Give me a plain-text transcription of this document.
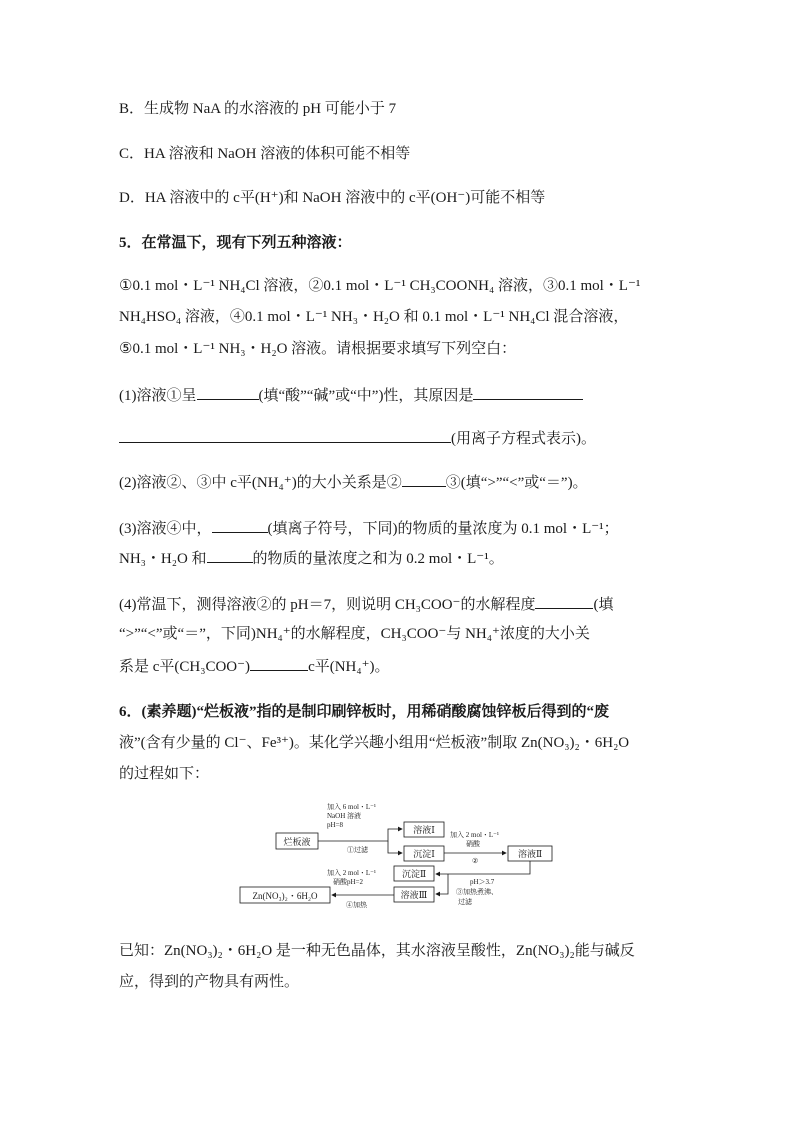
B．生成物 NaA 的水溶液的 pH 可能小于 7
C．HA 溶液和 NaOH 溶液的体积可能不相等
D．HA 溶液中的 c平(H⁺)和 NaOH 溶液中的 c平(OH⁻)可能不相等
5．在常温下，现有下列五种溶液：
①0.1 mol・L⁻¹ NH₄Cl 溶液，②0.1 mol・L⁻¹ CH₃COONH₄ 溶液，③0.1 mol・L⁻¹
NH₄HSO₄ 溶液，④0.1 mol・L⁻¹ NH₃・H₂O 和 0.1 mol・L⁻¹ NH₄Cl 混合溶液，
⑤0.1 mol・L⁻¹ NH₃・H₂O 溶液。请根据要求填写下列空白：
(1)溶液①呈	(填“酸”“碱”或“中”)性，其原因是
(用离子方程式表示)。
(2)溶液②、③中 c平(NH₄⁺)的大小关系是②	③(填“>”“<”或“＝”)。
(3)溶液④中，	(填离子符号，下同)的物质的量浓度为 0.1 mol・L⁻¹；
NH₃・H₂O 和	的物质的量浓度之和为 0.2 mol・L⁻¹。
(4)常温下，测得溶液②的 pH＝7，则说明 CH₃COO⁻的水解程度	(填
“>”“<”或“＝”，下同)NH₄⁺的水解程度，CH₃COO⁻与 NH₄⁺浓度的大小关
系是 c平(CH₃COO⁻)	c平(NH₄⁺)。
6．(素养题)“烂板液”指的是制印刷锌板时，用稀硝酸腐蚀锌板后得到的“废
液”(含有少量的 Cl⁻、Fe³⁺)。某化学兴趣小组用“烂板液”制取 Zn(NO₃)₂・6H₂O
的过程如下：
烂板液
溶液Ⅰ
沉淀Ⅰ	溶液Ⅱ
沉淀Ⅱ
溶液Ⅲ
Zn(NO₃)₂・6H₂O
加入 6 mol・L⁻¹
NaOH 溶液
pH=8
①过滤
加入 2 mol・L⁻¹
硝酸
②
pH＞3.7
③加热煮沸、
过滤
加入 2 mol・L⁻¹
硝酸pH=2
④加热
已知：Zn(NO₃)₂・6H₂O 是一种无色晶体，其水溶液呈酸性，Zn(NO₃)₂能与碱反
应，得到的产物具有两性。
